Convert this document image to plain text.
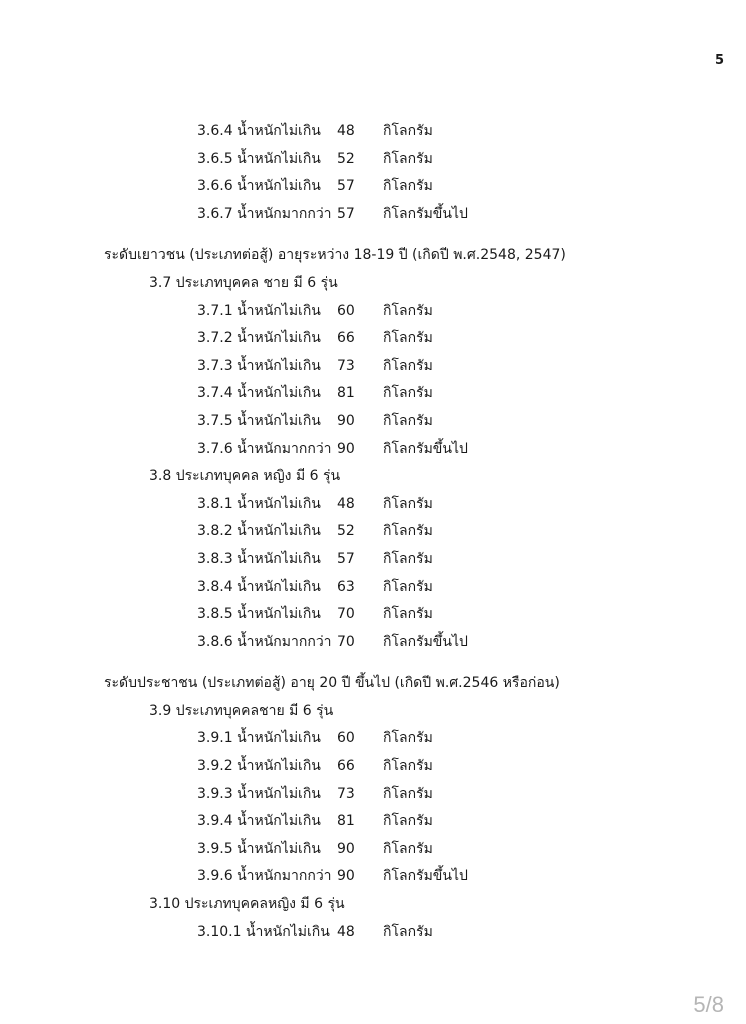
5
3.6.4 น้ำหนักไม่เกิน 48 กิโลกรัม
3.6.5 น้ำหนักไม่เกิน 52 กิโลกรัม
3.6.6 น้ำหนักไม่เกิน 57 กิโลกรัม
3.6.7 น้ำหนักมากกว่า 57 กิโลกรัมขึ้นไป
ระดับเยาวชน (ประเภทต่อสู้) อายุระหว่าง 18-19 ปี (เกิดปี พ.ศ.2548, 2547)
3.7 ประเภทบุคคล ชาย มี 6 รุ่น
3.7.1 น้ำหนักไม่เกิน 60 กิโลกรัม
3.7.2 น้ำหนักไม่เกิน 66 กิโลกรัม
3.7.3 น้ำหนักไม่เกิน 73 กิโลกรัม
3.7.4 น้ำหนักไม่เกิน 81 กิโลกรัม
3.7.5 น้ำหนักไม่เกิน 90 กิโลกรัม
3.7.6 น้ำหนักมากกว่า 90 กิโลกรัมขึ้นไป
3.8 ประเภทบุคคล หญิง มี 6 รุ่น
3.8.1 น้ำหนักไม่เกิน 48 กิโลกรัม
3.8.2 น้ำหนักไม่เกิน 52 กิโลกรัม
3.8.3 น้ำหนักไม่เกิน 57 กิโลกรัม
3.8.4 น้ำหนักไม่เกิน 63 กิโลกรัม
3.8.5 น้ำหนักไม่เกิน 70 กิโลกรัม
3.8.6 น้ำหนักมากกว่า 70 กิโลกรัมขึ้นไป
ระดับประชาชน (ประเภทต่อสู้) อายุ 20 ปี ขึ้นไป (เกิดปี พ.ศ.2546 หรือก่อน)
3.9 ประเภทบุคคลชาย มี 6 รุ่น
3.9.1 น้ำหนักไม่เกิน 60 กิโลกรัม
3.9.2 น้ำหนักไม่เกิน 66 กิโลกรัม
3.9.3 น้ำหนักไม่เกิน 73 กิโลกรัม
3.9.4 น้ำหนักไม่เกิน 81 กิโลกรัม
3.9.5 น้ำหนักไม่เกิน 90 กิโลกรัม
3.9.6 น้ำหนักมากกว่า 90 กิโลกรัมขึ้นไป
3.10 ประเภทบุคคลหญิง มี 6 รุ่น
3.10.1 น้ำหนักไม่เกิน 48 กิโลกรัม
5/8
